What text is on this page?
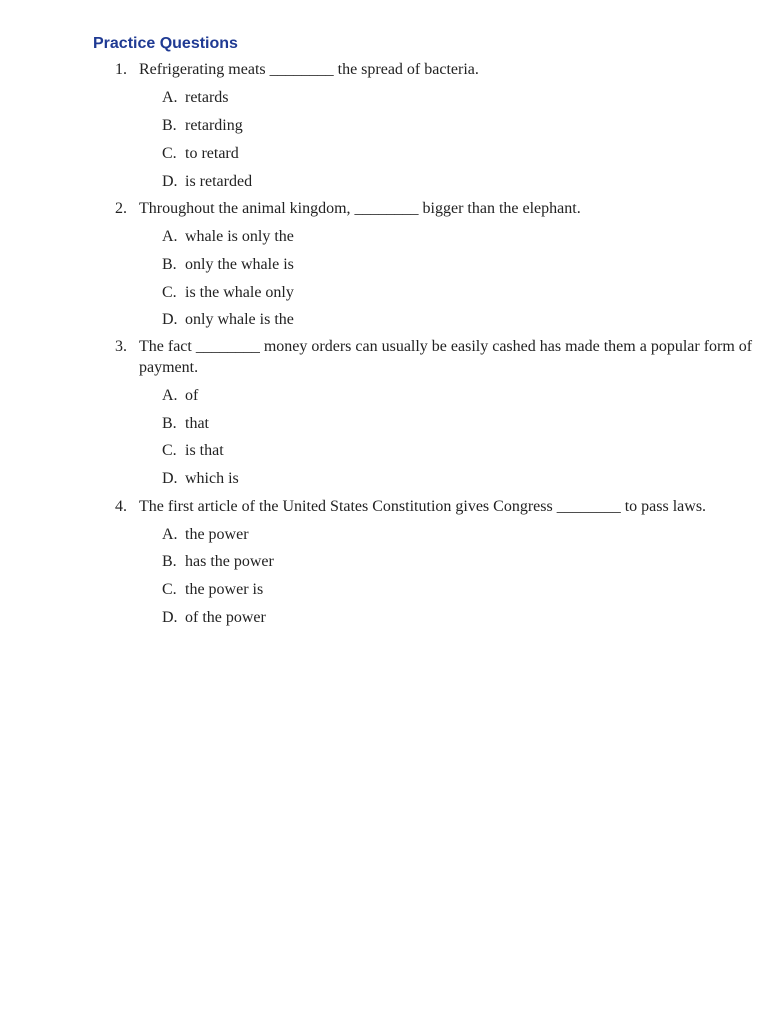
Practice Questions
1. Refrigerating meats ________ the spread of bacteria.
A. retards
B. retarding
C. to retard
D. is retarded
2. Throughout the animal kingdom, ________ bigger than the elephant.
A. whale is only the
B. only the whale is
C. is the whale only
D. only whale is the
3. The fact ________ money orders can usually be easily cashed has made them a popular form of payment.
A. of
B. that
C. is that
D. which is
4. The first article of the United States Constitution gives Congress ________ to pass laws.
A. the power
B. has the power
C. the power is
D. of the power
